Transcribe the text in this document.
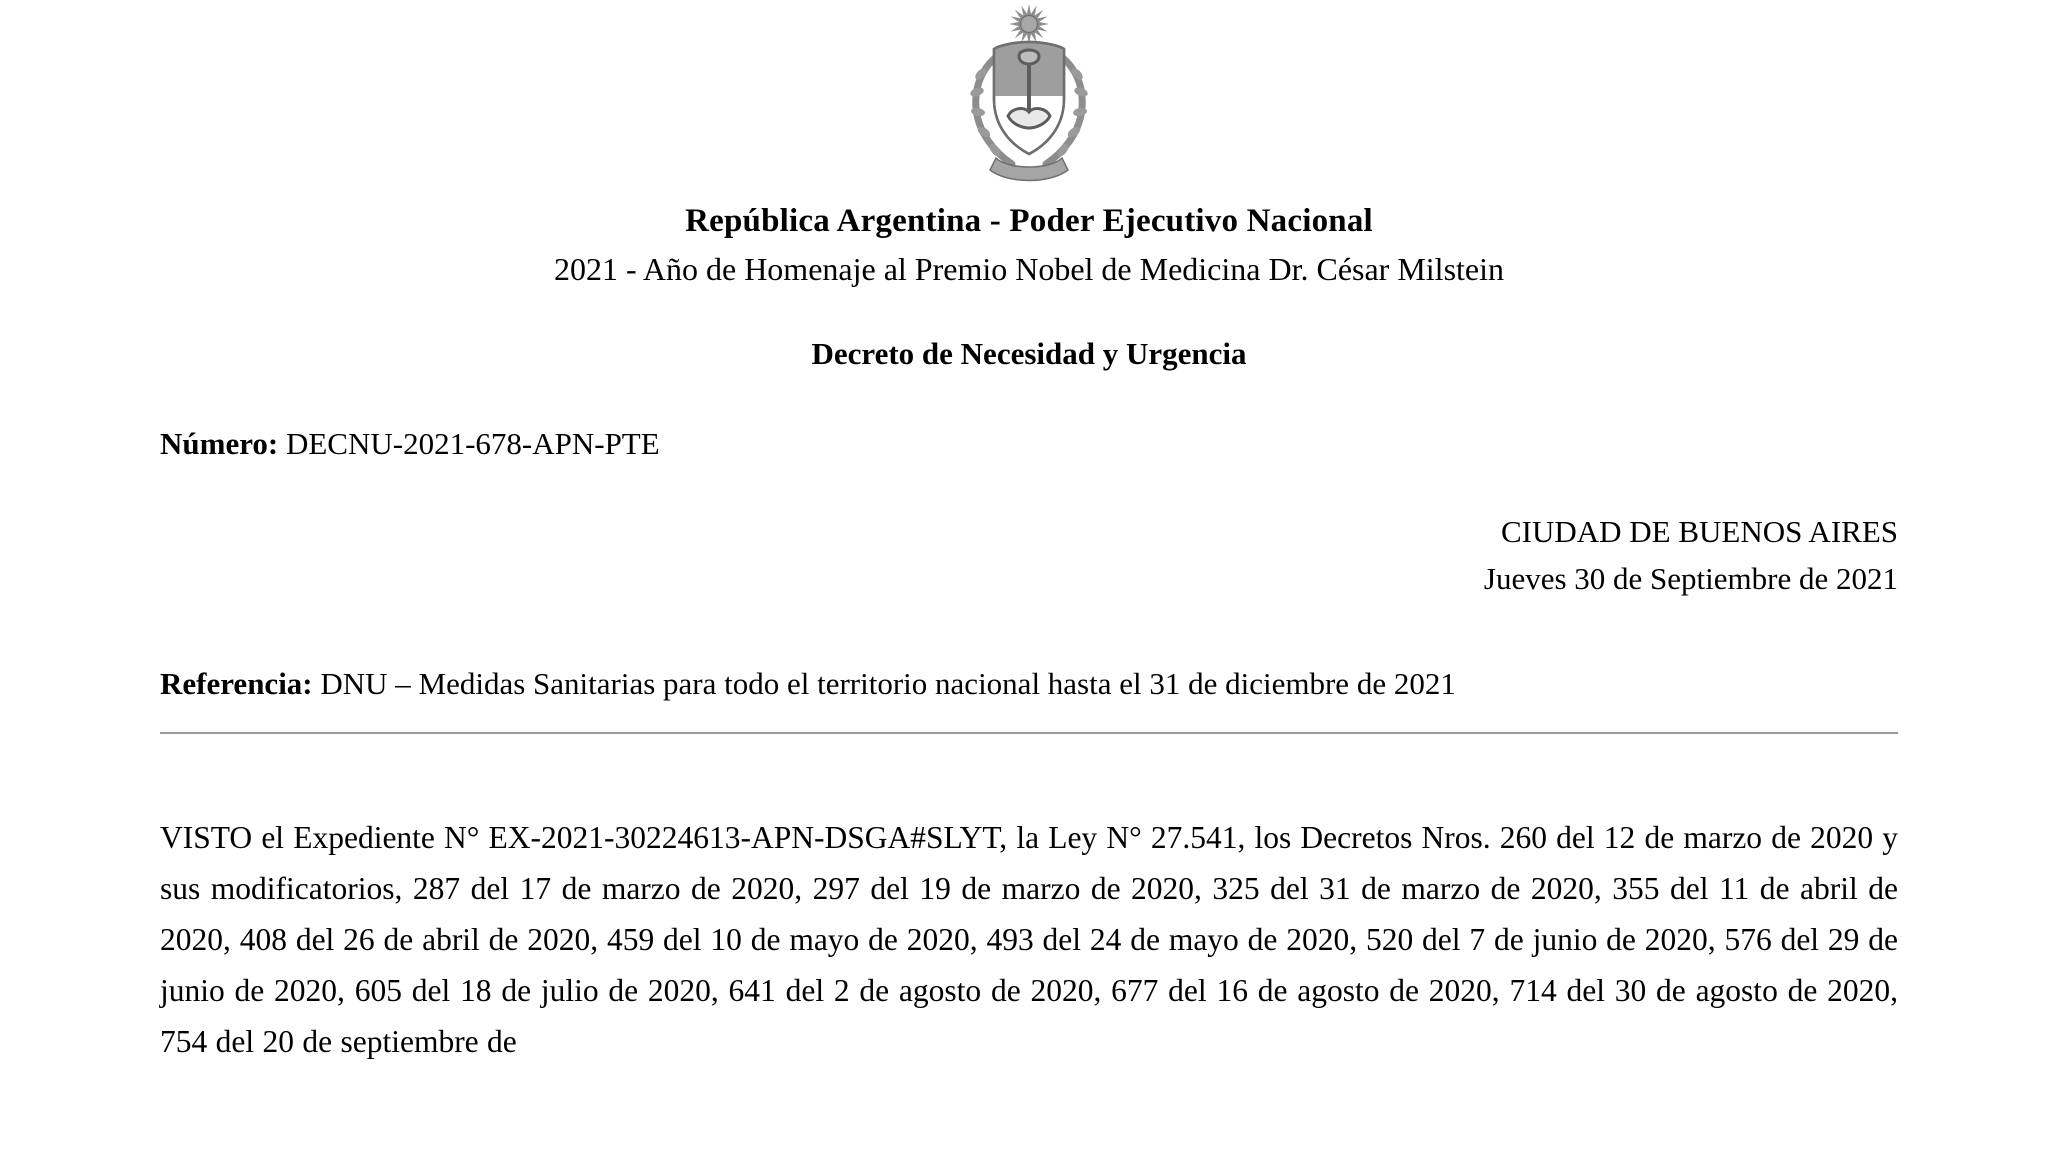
República Argentina - Poder Ejecutivo Nacional
2021 - Año de Homenaje al Premio Nobel de Medicina Dr. César Milstein
Decreto de Necesidad y Urgencia
Número: DECNU-2021-678-APN-PTE
CIUDAD DE BUENOS AIRES
Jueves 30 de Septiembre de 2021
Referencia: DNU – Medidas Sanitarias para todo el territorio nacional hasta el 31 de diciembre de 2021
VISTO el Expediente N° EX-2021-30224613-APN-DSGA#SLYT, la Ley N° 27.541, los Decretos Nros. 260 del 12 de marzo de 2020 y sus modificatorios, 287 del 17 de marzo de 2020, 297 del 19 de marzo de 2020, 325 del 31 de marzo de 2020, 355 del 11 de abril de 2020, 408 del 26 de abril de 2020, 459 del 10 de mayo de 2020, 493 del 24 de mayo de 2020, 520 del 7 de junio de 2020, 576 del 29 de junio de 2020, 605 del 18 de julio de 2020, 641 del 2 de agosto de 2020, 677 del 16 de agosto de 2020, 714 del 30 de agosto de 2020, 754 del 20 de septiembre de
